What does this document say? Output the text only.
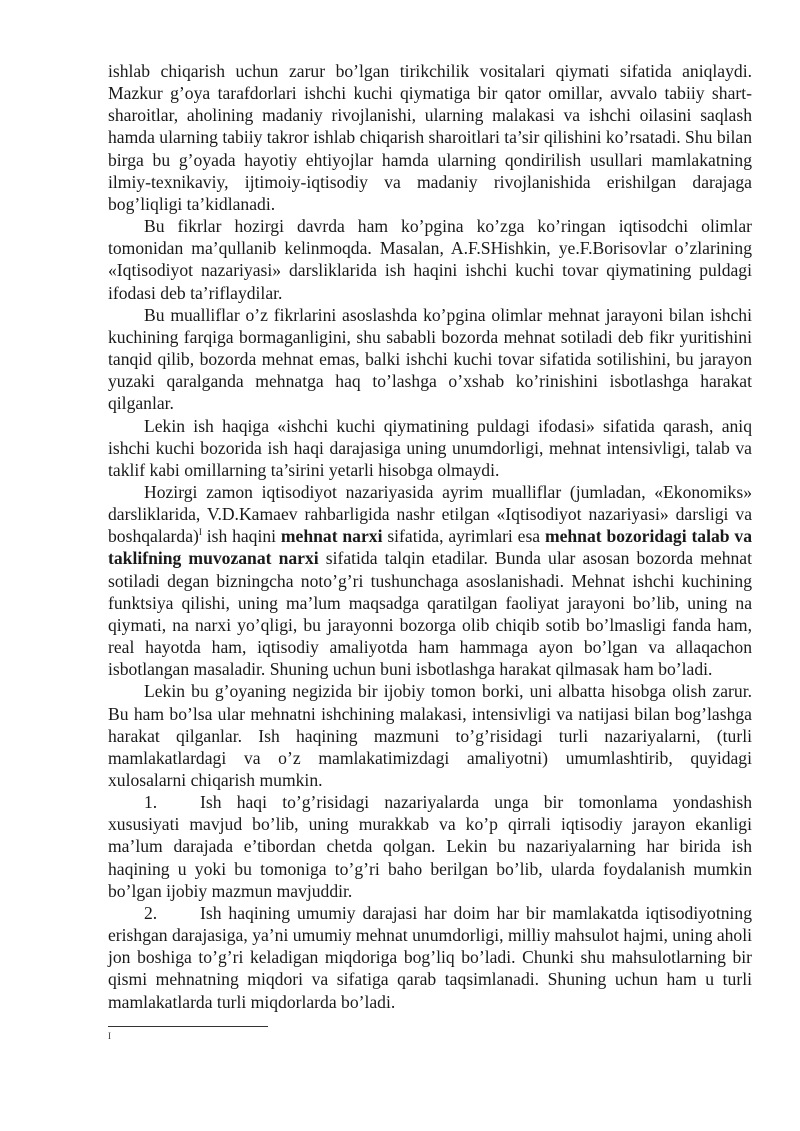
ishlab chiqarish uchun zarur bo’lgan tirikchilik vositalari qiymati sifatida aniqlaydi. Mazkur g’oya tarafdorlari ishchi kuchi qiymatiga bir qator omillar, avvalo tabiiy shart-sharoitlar, aholining madaniy rivojlanishi, ularning malakasi va ishchi oilasini saqlash hamda ularning tabiiy takror ishlab chiqarish sharoitlari ta’sir qilishini ko’rsatadi. Shu bilan birga bu g’oyada hayotiy ehtiyojlar hamda ularning qondirilish usullari mamlakatning ilmiy-texnikaviy, ijtimoiy-iqtisodiy va madaniy rivojlanishida erishilgan darajaga bog’liqligi ta’kidlanadi.

Bu fikrlar hozirgi davrda ham ko’pgina ko’zga ko’ringan iqtisodchi olimlar tomonidan ma’qullanib kelinmoqda. Masalan, A.F.SHishkin, ye.F.Borisovlar o’zlarining «Iqtisodiyot nazariyasi» darsliklarida ish haqini ishchi kuchi tovar qiymatining puldagi ifodasi deb ta’riflaydilar.

Bu mualliflar o’z fikrlarini asoslashda ko’pgina olimlar mehnat jarayoni bilan ishchi kuchining farqiga bormaganligini, shu sababli bozorda mehnat sotiladi deb fikr yuritishini tanqid qilib, bozorda mehnat emas, balki ishchi kuchi tovar sifatida sotilishini, bu jarayon yuzaki qaralganda mehnatga haq to’lashga o’xshab ko’rinishini isbotlashga harakat qilganlar.

Lekin ish haqiga «ishchi kuchi qiymatining puldagi ifodasi» sifatida qarash, aniq ishchi kuchi bozorida ish haqi darajasiga uning unumdorligi, mehnat intensivligi, talab va taklif kabi omillarning ta’sirini yetarli hisobga olmaydi.

Hozirgi zamon iqtisodiyot nazariyasida ayrim mualliflar (jumladan, «Ekonomiks» darsliklarida, V.D.Kamaev rahbarligida nashr etilgan «Iqtisodiyot nazariyasi» darsligi va boshqalarda)$^I$ ish haqini mehnat narxi sifatida, ayrimlari esa mehnat bozoridagi talab va taklifning muvozanat narxi sifatida talqin etadilar. Bunda ular asosan bozorda mehnat sotiladi degan bizningcha noto’g’ri tushunchaga asoslanishadi. Mehnat ishchi kuchining funktsiya qilishi, uning ma’lum maqsadga qaratilgan faoliyat jarayoni bo’lib, uning na qiymati, na narxi yo’qligi, bu jarayonni bozorga olib chiqib sotib bo’lmasligi fanda ham, real hayotda ham, iqtisodiy amaliyotda ham hammaga ayon bo’lgan va allaqachon isbotlangan masaladir. Shuning uchun buni isbotlashga harakat qilmasak ham bo’ladi.

Lekin bu g’oyaning negizida bir ijobiy tomon borki, uni albatta hisobga olish zarur. Bu ham bo’lsa ular mehnatni ishchining malakasi, intensivligi va natijasi bilan bog’lashga harakat qilganlar. Ish haqining mazmuni to’g’risidagi turli nazariyalarni, (turli mamlakatlardagi va o’z mamlakatimizdagi amaliyotni) umumlashtirib, quyidagi xulosalarni chiqarish mumkin.

1. Ish haqi to’g’risidagi nazariyalarda unga bir tomonlama yondashish xususiyati mavjud bo’lib, uning murakkab va ko’p qirrali iqtisodiy jarayon ekanligi ma’lum darajada e’tibordan chetda qolgan. Lekin bu nazariyalarning har birida ish haqining u yoki bu tomoniga to’g’ri baho berilgan bo’lib, ularda foydalanish mumkin bo’lgan ijobiy mazmun mavjuddir.

2. Ish haqining umumiy darajasi har doim har bir mamlakatda iqtisodiyotning erishgan darajasiga, ya’ni umumiy mehnat unumdorligi, milliy mahsulot hajmi, uning aholi jon boshiga to’g’ri keladigan miqdoriga bog’liq bo’ladi. Chunki shu mahsulotlarning bir qismi mehnatning miqdori va sifatiga qarab taqsimlanadi. Shuning uchun ham u turli mamlakatlarda turli miqdorlarda bo’ladi.

I
